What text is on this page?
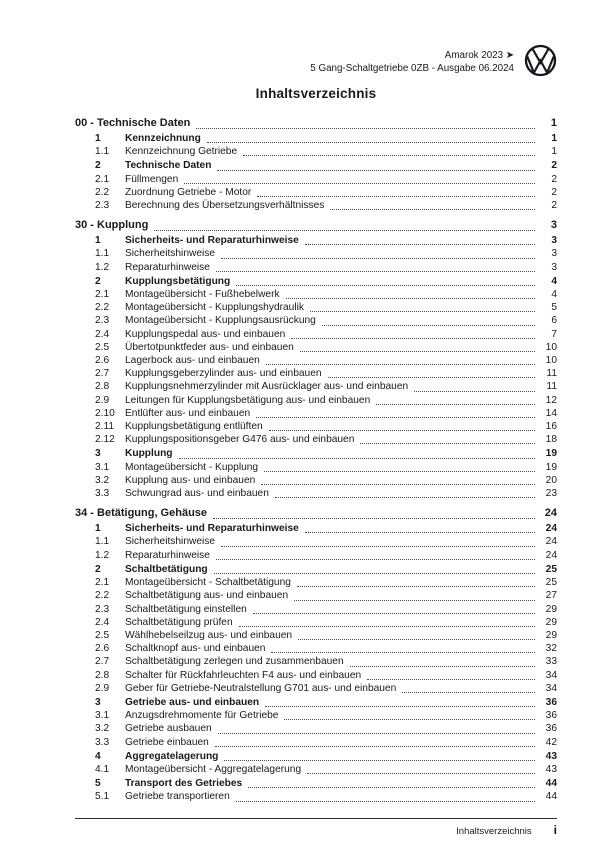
Amarok 2023 ➤
5 Gang-Schaltgetriebe 0ZB - Ausgabe 06.2024
Inhaltsverzeichnis
00 - Technische Daten	1
1	Kennzeichnung	1
1.1	Kennzeichnung Getriebe	1
2	Technische Daten	2
2.1	Füllmengen	2
2.2	Zuordnung Getriebe - Motor	2
2.3	Berechnung des Übersetzungsverhältnisses	2
30 - Kupplung	3
1	Sicherheits- und Reparaturhinweise	3
1.1	Sicherheitshinweise	3
1.2	Reparaturhinweise	3
2	Kupplungsbetätigung	4
2.1	Montageübersicht - Fußhebelwerk	4
2.2	Montageübersicht - Kupplungshydraulik	5
2.3	Montageübersicht - Kupplungsausrückung	6
2.4	Kupplungspedal aus- und einbauen	7
2.5	Übertotpunktfeder aus- und einbauen	10
2.6	Lagerbock aus- und einbauen	10
2.7	Kupplungsgeberzylinder aus- und einbauen	11
2.8	Kupplungsnehmerzylinder mit Ausrücklager aus- und einbauen	11
2.9	Leitungen für Kupplungsbetätigung aus- und einbauen	12
2.10 Entlüfter aus- und einbauen	14
2.11	Kupplungsbetätigung entlüften	16
2.12 Kupplungspositionsgeber G476 aus- und einbauen	18
3	Kupplung	19
3.1	Montageübersicht - Kupplung	19
3.2	Kupplung aus- und einbauen	20
3.3	Schwungrad aus- und einbauen	23
34 - Betätigung, Gehäuse	24
1	Sicherheits- und Reparaturhinweise	24
1.1	Sicherheitshinweise	24
1.2	Reparaturhinweise	24
2	Schaltbetätigung	25
2.1	Montageübersicht - Schaltbetätigung	25
2.2	Schaltbetätigung aus- und einbauen	27
2.3	Schaltbetätigung einstellen	29
2.4	Schaltbetätigung prüfen	29
2.5	Wählhebelseilzug aus- und einbauen	29
2.6	Schaltknopf aus- und einbauen	32
2.7	Schaltbetätigung zerlegen und zusammenbauen	33
2.8	Schalter für Rückfahrleuchten F4 aus- und einbauen	34
2.9	Geber für Getriebe-Neutralstellung G701 aus- und einbauen	34
3	Getriebe aus- und einbauen	36
3.1	Anzugsdrehmomente für Getriebe	36
3.2	Getriebe ausbauen	36
3.3	Getriebe einbauen	42
4	Aggregatelagerung	43
4.1	Montageübersicht - Aggregatelagerung	43
5	Transport des Getriebes	44
5.1	Getriebe transportieren	44
Inhaltsverzeichnis i
